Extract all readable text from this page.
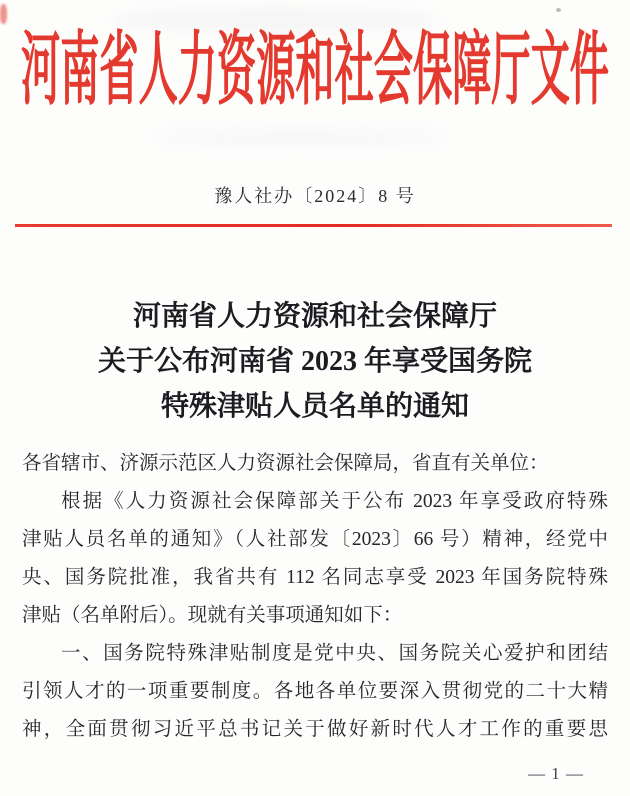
河南省人力资源和社会保障厅文件
豫人社办〔2024〕8 号
河南省人力资源和社会保障厅
关于公布河南省 2023 年享受国务院
特殊津贴人员名单的通知
各省辖市、济源示范区人力资源社会保障局，省直有关单位：
根据《人力资源社会保障部关于公布 2023 年享受政府特殊
津贴人员名单的通知》（人社部发〔2023〕66 号）精神，经党中
央、国务院批准，我省共有 112 名同志享受 2023 年国务院特殊
津贴（名单附后）。现就有关事项通知如下：
一、国务院特殊津贴制度是党中央、国务院关心爱护和团结
引领人才的一项重要制度。各地各单位要深入贯彻党的二十大精
神，全面贯彻习近平总书记关于做好新时代人才工作的重要思
— 1 —
